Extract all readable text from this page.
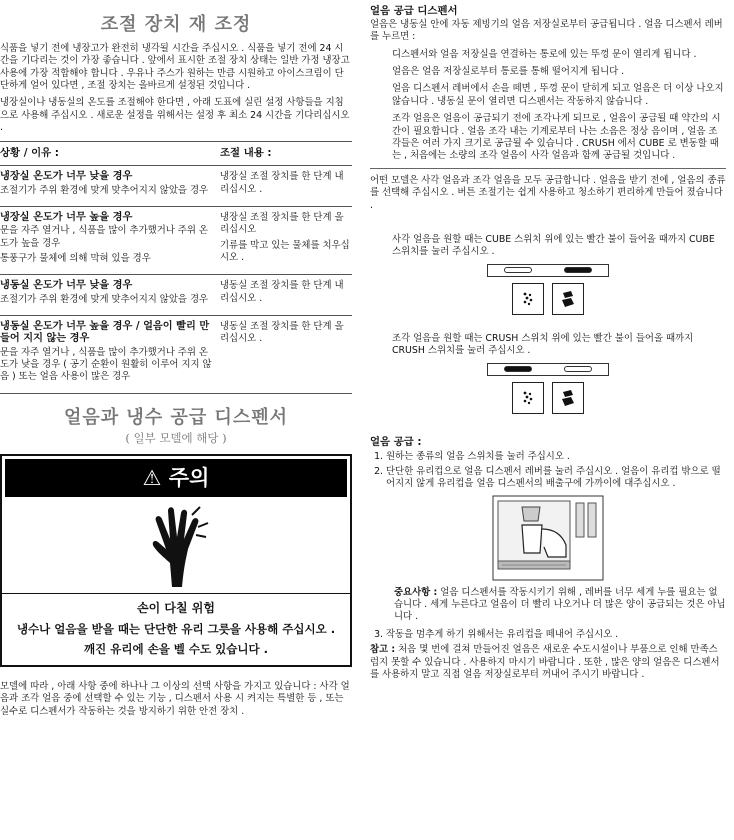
조절 장치 재 조정

식품을 넣기 전에 냉장고가 완전히 냉각될 시간을 주십시오 . 식품을 넣기 전에 24 시간을 기다리는 것이 가장 좋습니다 . 앞에서 표시한 조절 장치 상태는 일반 가정 냉장고 사용에 가장 적합해야 합니다 . 우유나 주스가 원하는 만큼 시원하고 아이스크림이 단단하게 얼어 있다면 , 조절 장치는 올바르게 설정된 것입니다 .

냉장실이나 냉동실의 온도를 조절해야 한다면 , 아래 도표에 실린 설정 사항들을 지침으로 사용해 주십시오 . 새로운 설정을 위해서는 설정 후 최소 24 시간을 기다리십시오 .

상황 / 이유 :	조절 내용 :
냉장실 온도가 너무 낮을 경우
조절기가 주위 환경에 맞게 맞추어지지 않았을 경우
냉장실 조절 장치를 한 단계 내리십시오 .
냉장실 온도가 너무 높을 경우
문을 자주 열거나 , 식품을 많이 추가했거나 주위 온도가 높을 경우
통풍구가 물체에 의해 막혀 있을 경우
냉장실 조절 장치를 한 단계 올리십시오
기류를 막고 있는 물체를 치우십시오 .
냉동실 온도가 너무 낮을 경우
조절기가 주위 환경에 맞게 맞추어지지 않았을 경우
냉동실 조절 장치를 한 단계 내리십시오 .
냉동실 온도가 너무 높을 경우 / 얼음이 빨리 만들어 지지 않는 경우
문을 자주 열거나 , 식품을 많이 추가했거나 주위 온도가 낮을 경우 ( 공기 순환이 원활히 이루어 지지 않음 ) 또는 얼음 사용이 많은 경우
냉동실 조절 장치를 한 단계 올리십시오 .
얼음과 냉수 공급 디스펜서
( 일부 모델에 해당 )
⚠ 주의
손이 다칠 위험
냉수나 얼음을 받을 때는 단단한 유리 그릇을 사용해 주십시오 .
깨진 유리에 손을 벨 수도 있습니다 .

모델에 따라 , 아래 사항 중에 하나나 그 이상의 선택 사항을 가지고 있습니다 : 사각 얼음과 조각 얼음 중에 선택할 수 있는 기능 , 디스펜서 사용 시 켜지는 특별한 등 , 또는 실수로 디스펜서가 작동하는 것을 방지하기 위한 안전 장치 .

얼음 공급 디스펜서

얼음은 냉동실 안에 자동 제빙기의 얼음 저장실로부터 공급됩니다 . 얼음 디스펜서 레버를 누르면 :

디스펜서와 얼음 저장실을 연결하는 통로에 있는 뚜껑 문이 열리게 됩니다 .

얼음은 얼음 저장실로부터 통로를 통해 떨어지게 됩니다 .

얼음 디스펜서 레버에서 손을 떼면 , 뚜껑 문이 닫히게 되고 얼음은 더 이상 나오지 않습니다 . 냉동실 문이 열리면 디스펜서는 작동하지 않습니다 .

조각 얼음은 얼음이 공급되기 전에 조각나게 되므로 , 얼음이 공급될 때 약간의 시간이 필요합니다 . 얼음 조각 내는 기계로부터 나는 소음은 정상 음이며 , 얼음 조각들은 여러 가지 크기로 공급될 수 있습니다 . CRUSH 에서 CUBE 로 변동할 때는 , 처음에는 소량의 조각 얼음이 사각 얼음과 함께 공급될 것입니다 .

어떤 모델은 사각 얼음과 조각 얼음을 모두 공급합니다 . 얼음을 받기 전에 , 얼음의 종류를 선택해 주십시오 . 버튼 조절기는 쉽게 사용하고 청소하기 편리하게 만들어 졌습니다 .

사각 얼음을 원할 때는 CUBE 스위치 위에 있는 빨간 불이 들어올 때까지 CUBE 스위치를 눌러 주십시오 .

조각 얼음을 원할 때는 CRUSH 스위치 위에 있는 빨간 불이 들어올 때까지 CRUSH 스위치를 눌러 주십시오 .

얼음 공급 :
1. 원하는 종류의 얼음 스위치를 눌러 주십시오 .
2. 단단한 유리컵으로 얼음 디스펜서 레버를 눌러 주십시오 . 얼음이 유리컵 밖으로 떨어지지 않게 유리컵을 얼음 디스펜서의 배출구에 가까이에 대주십시오 .

중요사항 : 얼음 디스펜서를 작동시키기 위해 , 레버를 너무 세게 누를 필요는 없습니다 . 세게 누른다고 얼음이 더 빨리 나오거나 더 많은 양이 공급되는 것은 아닙니다 .

3. 작동을 멈추게 하기 위해서는 유리컵을 떼내어 주십시오 .

참고 : 처음 몇 번에 걸쳐 만들어진 얼음은 새로운 수도시설이나 부품으로 인해 만족스럽지 못할 수 있습니다 . 사용하지 마시기 바랍니다 . 또한 , 많은 양의 얼음은 디스펜서를 사용하지 말고 직접 얼음 저장실로부터 꺼내어 주시기 바랍니다 .
